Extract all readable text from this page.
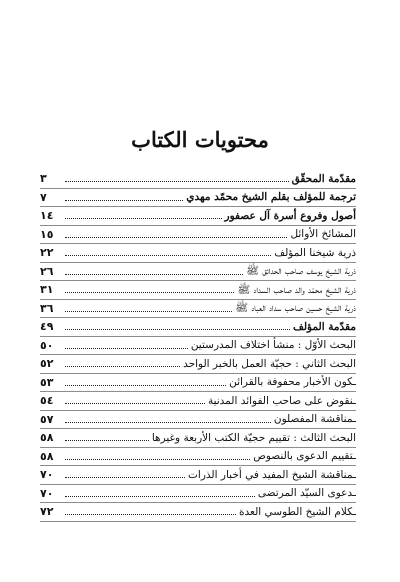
محتويات الكتاب
مقدّمة المحقّق
٣
ترجمة للمؤلف بقلم الشيخ محمّد مهدي
٧
أصول وفروع أسرة آل عصفور
١٤
المشائخ الأوائل
١٥
ذرية شيخنا المؤلف
٢٢
ذرية الشيخ يوسف صاحب الحدائق ﷺ
٢٦
ذرية الشيخ محمّد والد صاحب السداد ﷺ
٣١
ذرية الشيخ حسين صاحب سداد العباد ﷺ
٣٦
مقدّمة المؤلف
٤٩
البحث الأوّل : منشأ اختلاف المدرستين
٥٠
البحث الثاني : حجيّة العمل بالخبر الواحد
٥٢
ـكون الأخبار محفوفة بالقرائن
٥٣
ـنقوض على صاحب الفوائد المدنية
٥٤
ـمناقشة المفصلون
٥٧
البحث الثالث : تقييم حجيّة الكتب الأربعة وغيرها
٥٨
ـتقييم الدعوى بالنصوص
٥٨
ـمناقشة الشيخ المفيد في أخبار الذرات
٧٠
ـدعوى السيّد المرتضى
٧٠
ـكلام الشيخ الطوسي العدة
٧٢
